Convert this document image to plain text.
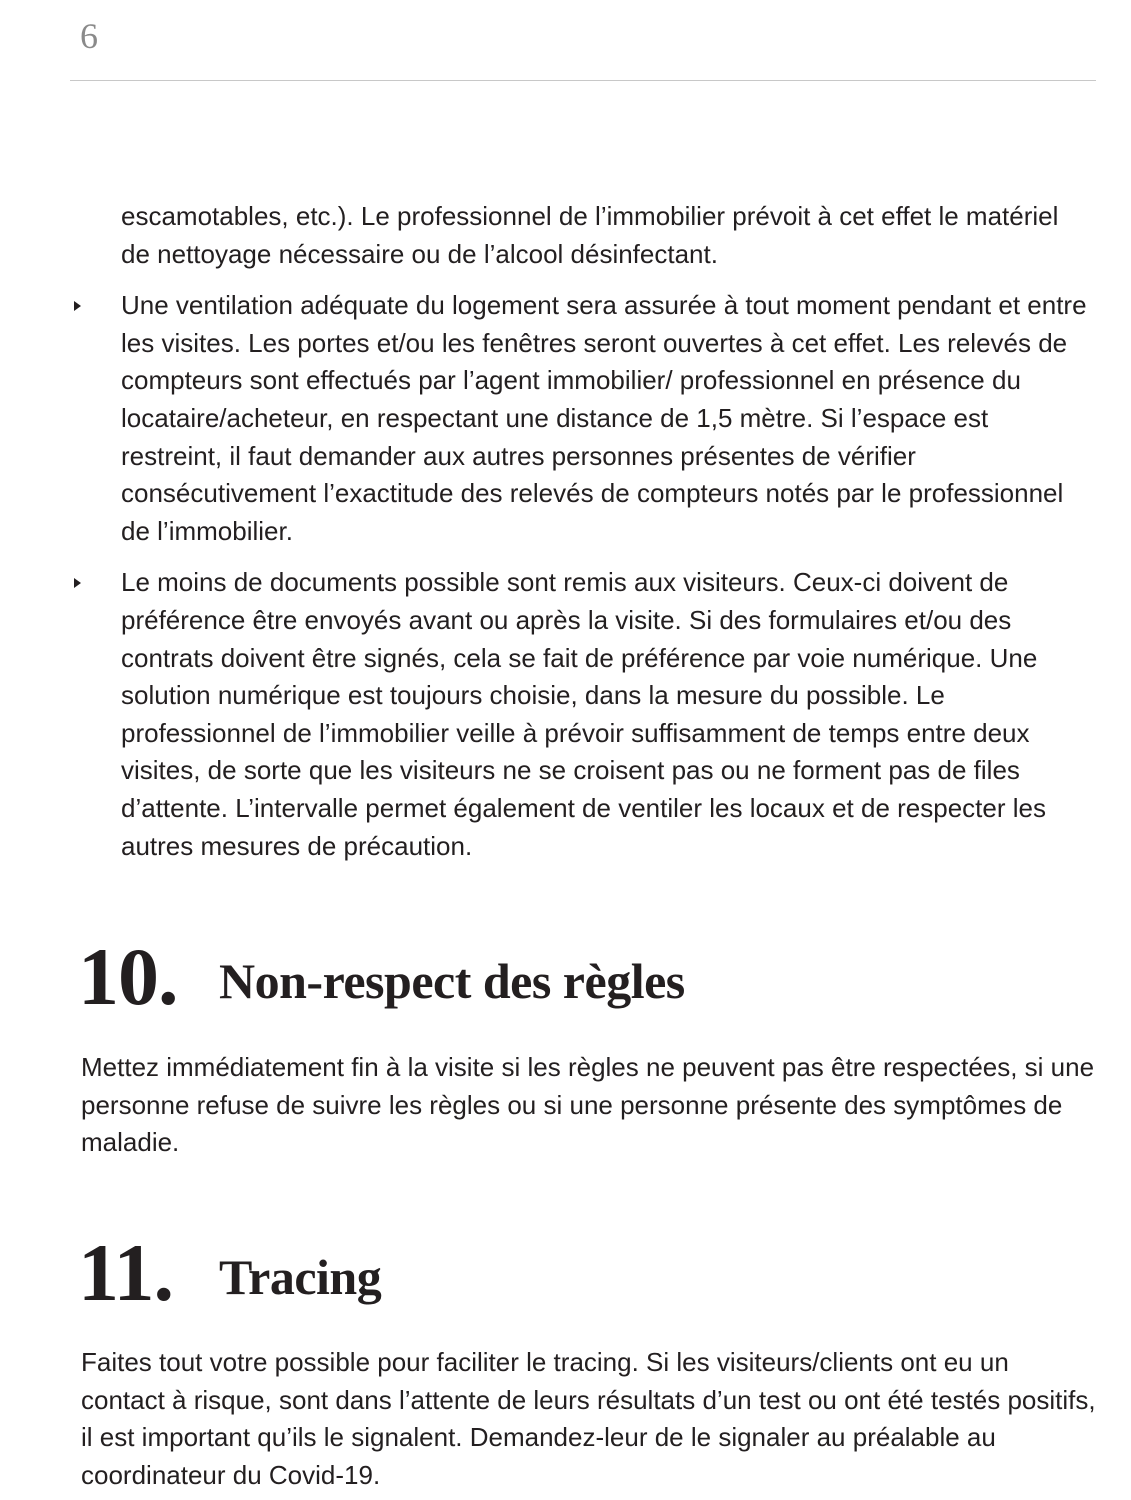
6

escamotables, etc.). Le professionnel de l’immobilier prévoit à cet effet le matériel de nettoyage nécessaire ou de l’alcool désinfectant.

Une ventilation adéquate du logement sera assurée à tout moment pendant et entre les visites. Les portes et/ou les fenêtres seront ouvertes à cet effet. Les relevés de compteurs sont effectués par l’agent immobilier/ professionnel en présence du locataire/acheteur, en respectant une distance de 1,5 mètre. Si l’espace est restreint, il faut demander aux autres personnes présentes de vérifier consécutivement l’exactitude des relevés de compteurs notés par le professionnel de l’immobilier.

Le moins de documents possible sont remis aux visiteurs. Ceux-ci doivent de préférence être envoyés avant ou après la visite. Si des formulaires et/ou des contrats doivent être signés, cela se fait de préférence par voie numérique. Une solution numérique est toujours choisie, dans la mesure du possible. Le professionnel de l’immobilier veille à prévoir suffisamment de temps entre deux visites, de sorte que les visiteurs ne se croisent pas ou ne forment pas de files d’attente. L’intervalle permet également de ventiler les locaux et de respecter les autres mesures de précaution.

10. Non-respect des règles

Mettez immédiatement fin à la visite si les règles ne peuvent pas être respectées, si une personne refuse de suivre les règles ou si une personne présente des symptômes de maladie.

11. Tracing

Faites tout votre possible pour faciliter le tracing. Si les visiteurs/clients ont eu un contact à risque, sont dans l’attente de leurs résultats d’un test ou ont été testés positifs, il est important qu’ils le signalent. Demandez-leur de le signaler au préalable au coordinateur du Covid-19.
